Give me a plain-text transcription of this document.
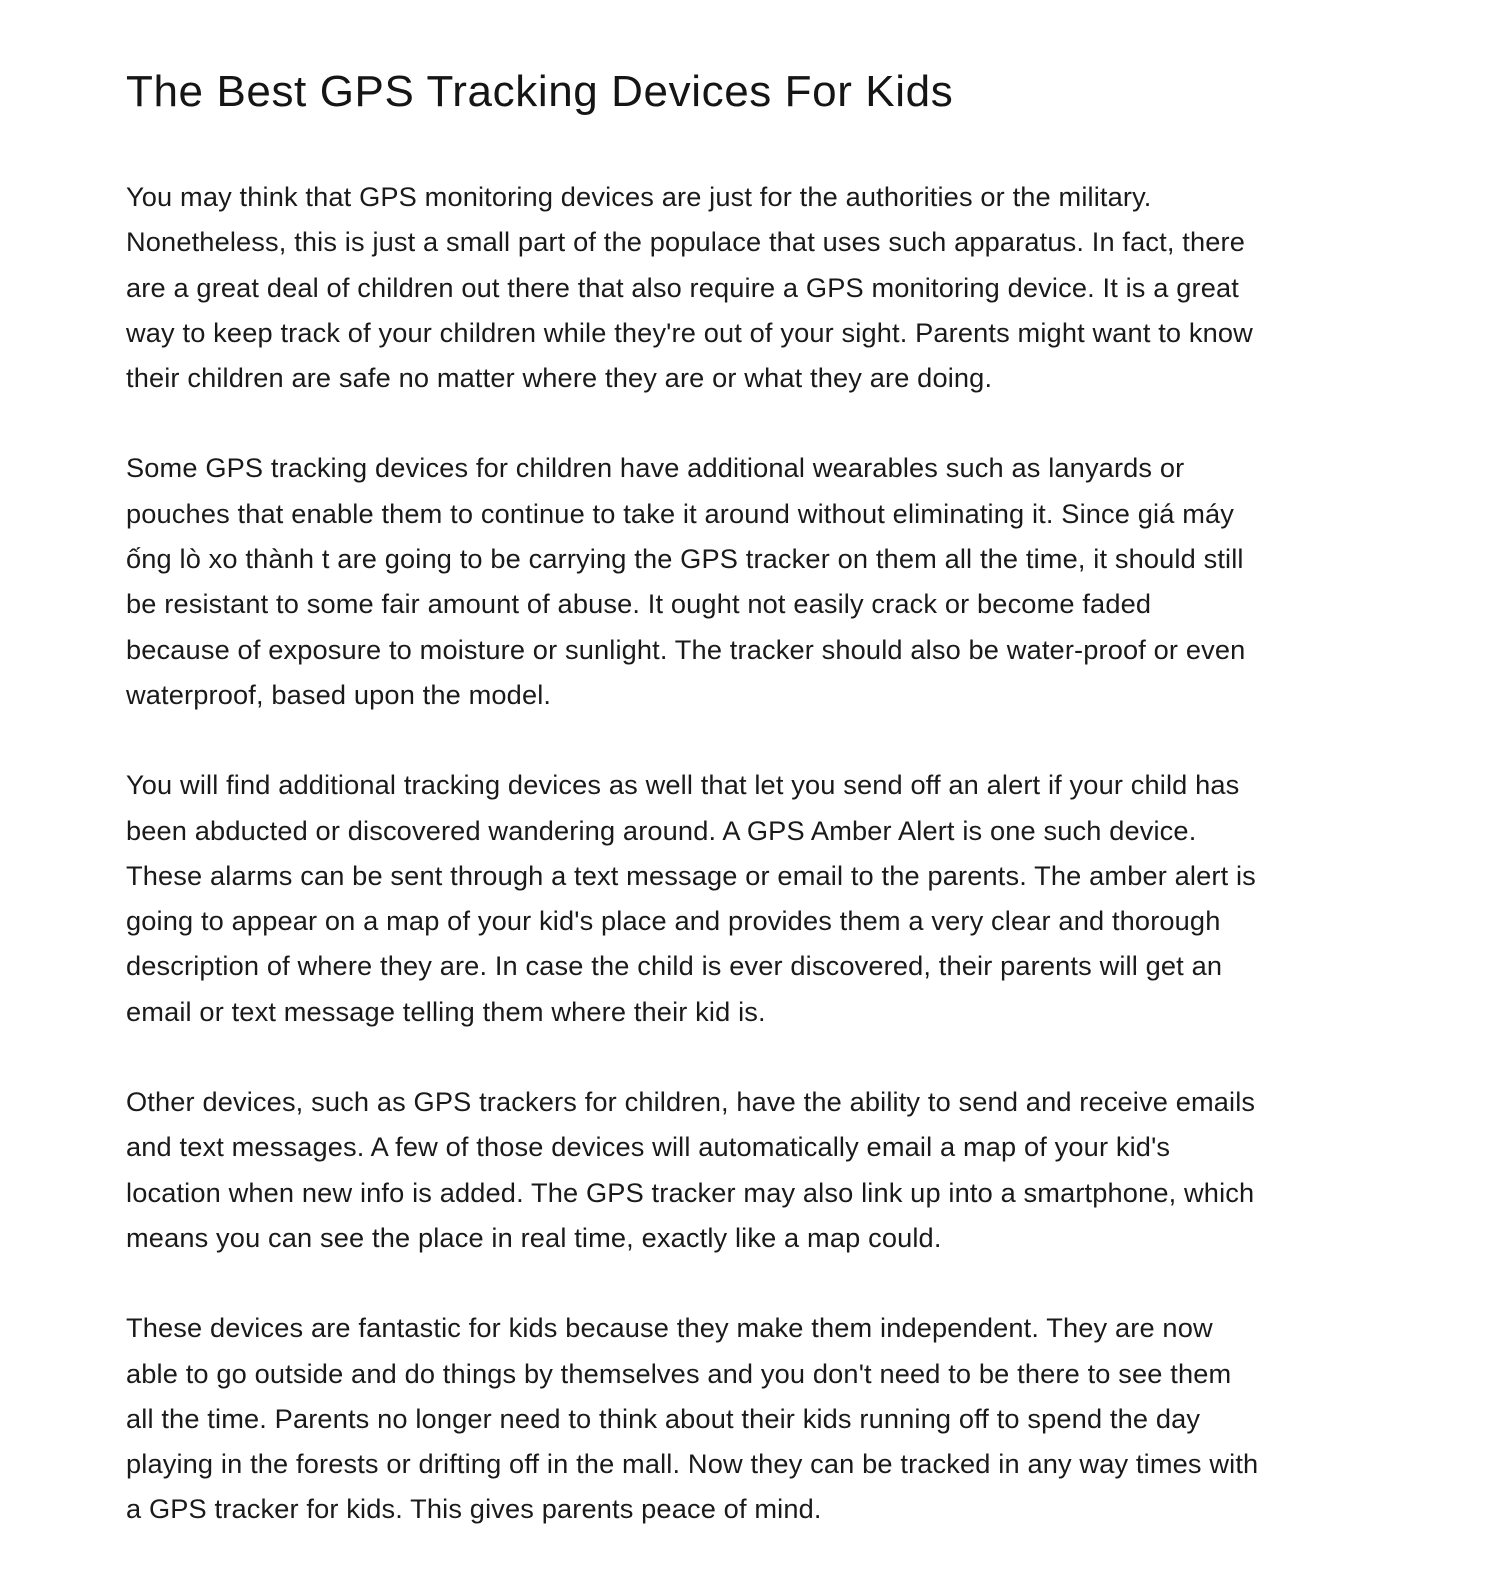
The Best GPS Tracking Devices For Kids

You may think that GPS monitoring devices are just for the authorities or the military.
Nonetheless, this is just a small part of the populace that uses such apparatus. In fact, there
are a great deal of children out there that also require a GPS monitoring device. It is a great
way to keep track of your children while they're out of your sight. Parents might want to know
their children are safe no matter where they are or what they are doing.

Some GPS tracking devices for children have additional wearables such as lanyards or
pouches that enable them to continue to take it around without eliminating it. Since giá máy
ống lò xo thành t are going to be carrying the GPS tracker on them all the time, it should still
be resistant to some fair amount of abuse. It ought not easily crack or become faded
because of exposure to moisture or sunlight. The tracker should also be water-proof or even
waterproof, based upon the model.

You will find additional tracking devices as well that let you send off an alert if your child has
been abducted or discovered wandering around. A GPS Amber Alert is one such device.
These alarms can be sent through a text message or email to the parents. The amber alert is
going to appear on a map of your kid's place and provides them a very clear and thorough
description of where they are. In case the child is ever discovered, their parents will get an
email or text message telling them where their kid is.

Other devices, such as GPS trackers for children, have the ability to send and receive emails
and text messages. A few of those devices will automatically email a map of your kid's
location when new info is added. The GPS tracker may also link up into a smartphone, which
means you can see the place in real time, exactly like a map could.

These devices are fantastic for kids because they make them independent. They are now
able to go outside and do things by themselves and you don't need to be there to see them
all the time. Parents no longer need to think about their kids running off to spend the day
playing in the forests or drifting off in the mall. Now they can be tracked in any way times with
a GPS tracker for kids. This gives parents peace of mind.
